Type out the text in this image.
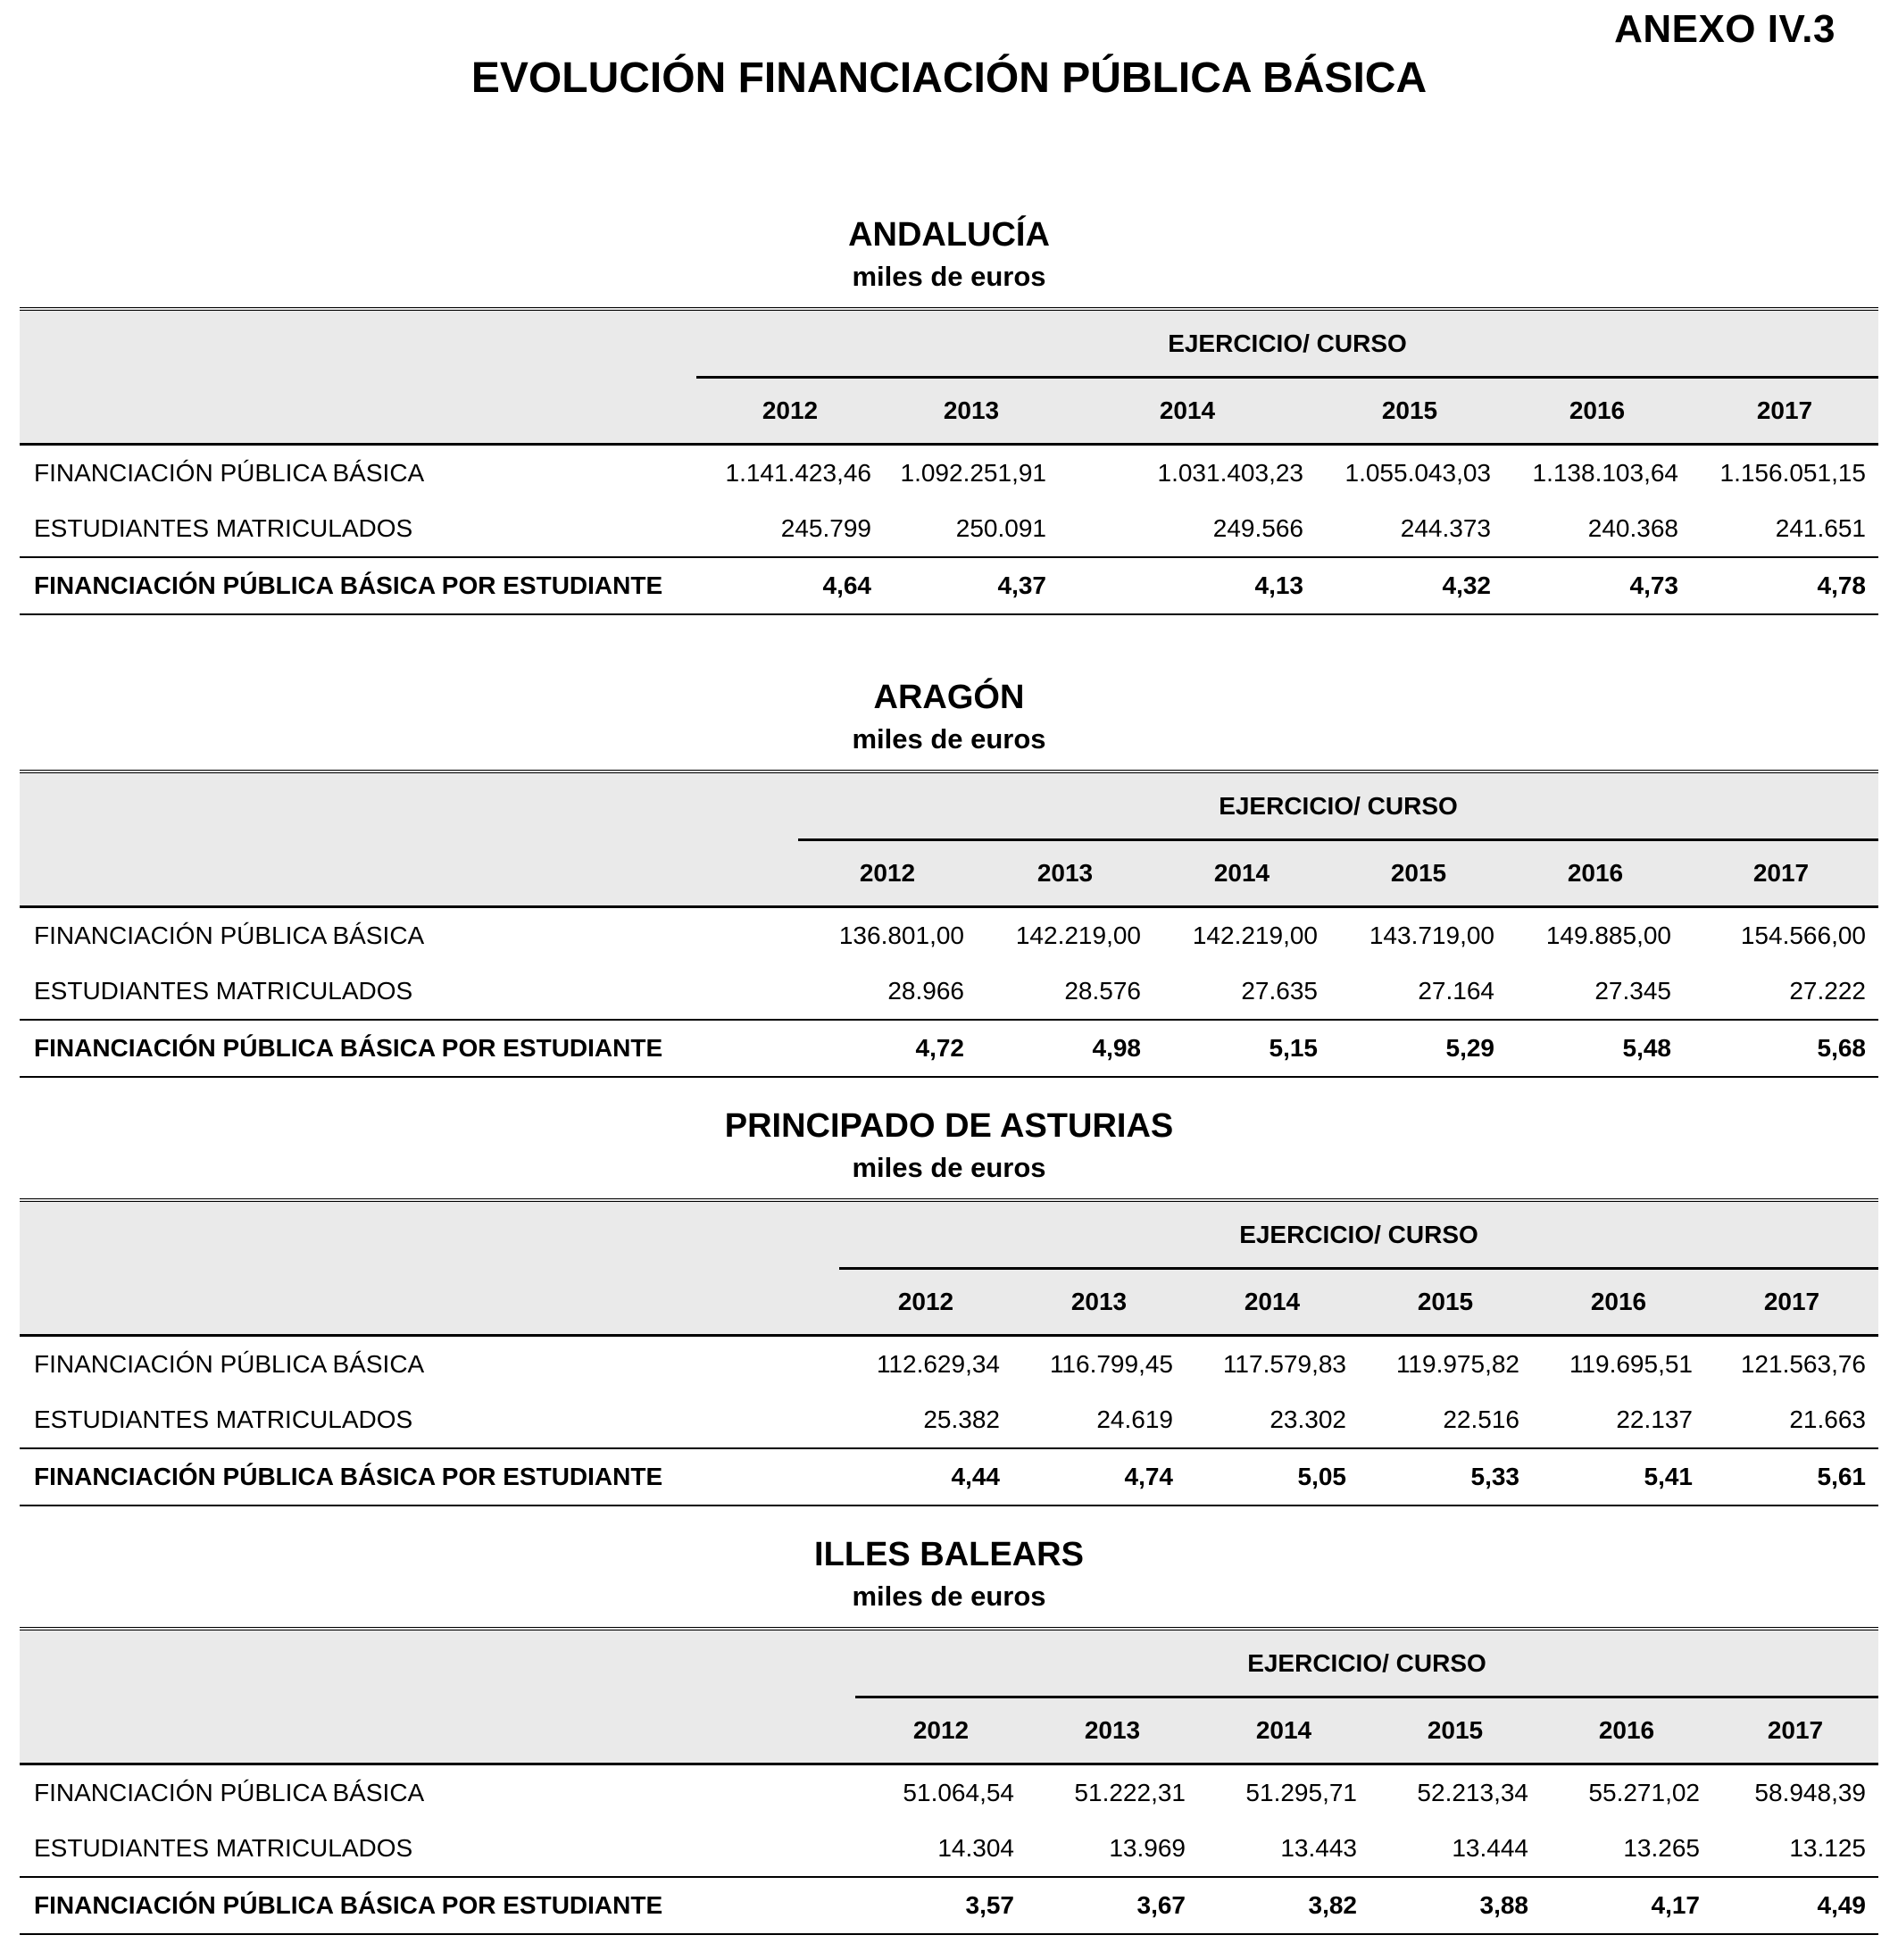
ANEXO IV.3
EVOLUCIÓN FINANCIACIÓN PÚBLICA BÁSICA
ANDALUCÍA
miles de euros
EJERCICIO/ CURSO
2012	2013	2014	2015	2016	2017
FINANCIACIÓN PÚBLICA BÁSICA	1.141.423,46	1.092.251,91	1.031.403,23	1.055.043,03	1.138.103,64	1.156.051,15
ESTUDIANTES MATRICULADOS	245.799	250.091	249.566	244.373	240.368	241.651
FINANCIACIÓN PÚBLICA BÁSICA POR ESTUDIANTE	4,64	4,37	4,13	4,32	4,73	4,78
ARAGÓN
miles de euros
EJERCICIO/ CURSO
2012	2013	2014	2015	2016	2017
FINANCIACIÓN PÚBLICA BÁSICA	136.801,00	142.219,00	142.219,00	143.719,00	149.885,00	154.566,00
ESTUDIANTES MATRICULADOS	28.966	28.576	27.635	27.164	27.345	27.222
FINANCIACIÓN PÚBLICA BÁSICA POR ESTUDIANTE	4,72	4,98	5,15	5,29	5,48	5,68
PRINCIPADO DE ASTURIAS
miles de euros
EJERCICIO/ CURSO
2012	2013	2014	2015	2016	2017
FINANCIACIÓN PÚBLICA BÁSICA	112.629,34	116.799,45	117.579,83	119.975,82	119.695,51	121.563,76
ESTUDIANTES MATRICULADOS	25.382	24.619	23.302	22.516	22.137	21.663
FINANCIACIÓN PÚBLICA BÁSICA POR ESTUDIANTE	4,44	4,74	5,05	5,33	5,41	5,61
ILLES BALEARS
miles de euros
EJERCICIO/ CURSO
2012	2013	2014	2015	2016	2017
FINANCIACIÓN PÚBLICA BÁSICA	51.064,54	51.222,31	51.295,71	52.213,34	55.271,02	58.948,39
ESTUDIANTES MATRICULADOS	14.304	13.969	13.443	13.444	13.265	13.125
FINANCIACIÓN PÚBLICA BÁSICA POR ESTUDIANTE	3,57	3,67	3,82	3,88	4,17	4,49
